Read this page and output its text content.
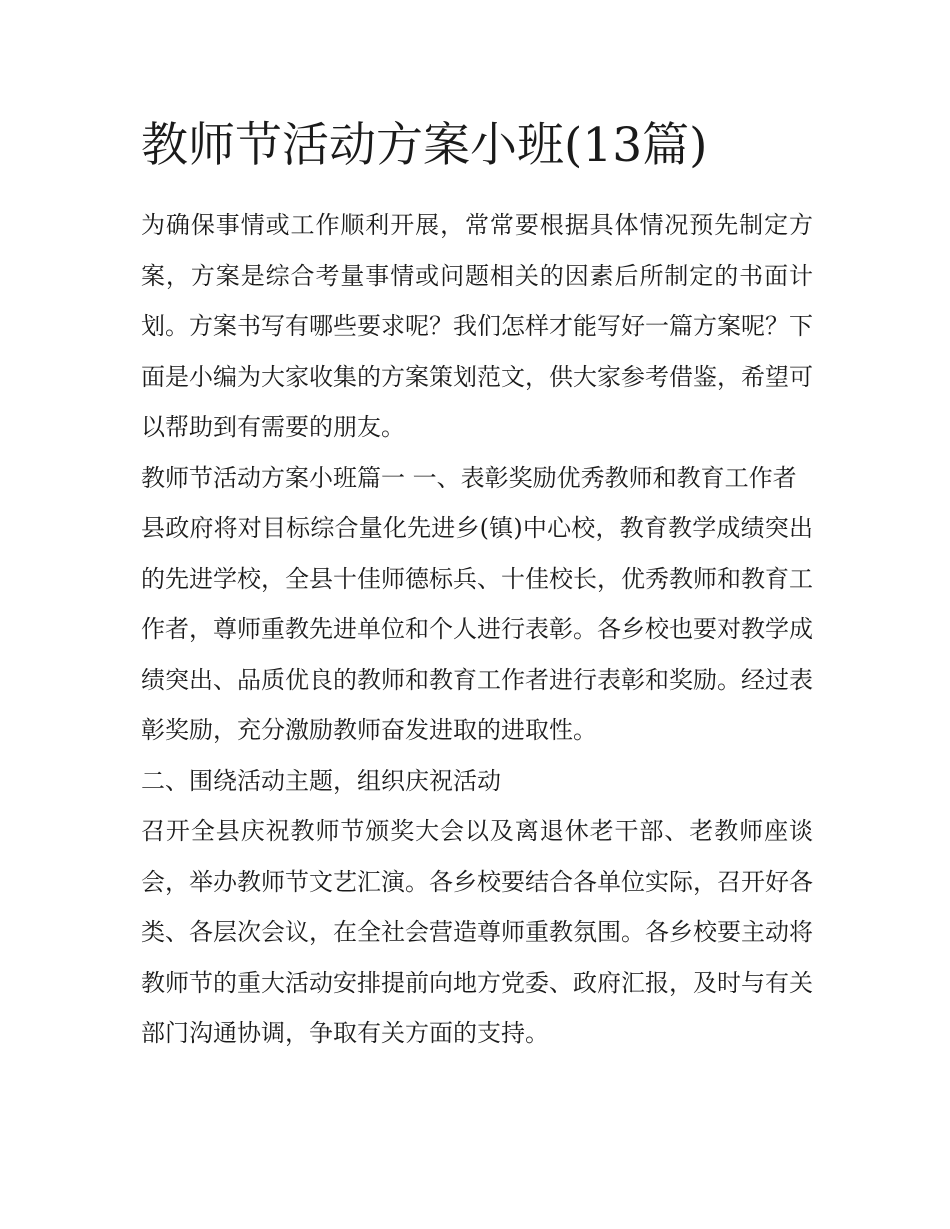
教师节活动方案小班(13篇)

为确保事情或工作顺利开展，常常要根据具体情况预先制定方案，方案是综合考量事情或问题相关的因素后所制定的书面计划。方案书写有哪些要求呢？我们怎样才能写好一篇方案呢？下面是小编为大家收集的方案策划范文，供大家参考借鉴，希望可以帮助到有需要的朋友。

教师节活动方案小班篇一 一、表彰奖励优秀教师和教育工作者

县政府将对目标综合量化先进乡(镇)中心校，教育教学成绩突出的先进学校，全县十佳师德标兵、十佳校长，优秀教师和教育工作者，尊师重教先进单位和个人进行表彰。各乡校也要对教学成绩突出、品质优良的教师和教育工作者进行表彰和奖励。经过表彰奖励，充分激励教师奋发进取的进取性。

二、围绕活动主题，组织庆祝活动

召开全县庆祝教师节颁奖大会以及离退休老干部、老教师座谈会，举办教师节文艺汇演。各乡校要结合各单位实际，召开好各类、各层次会议，在全社会营造尊师重教氛围。各乡校要主动将教师节的重大活动安排提前向地方党委、政府汇报，及时与有关部门沟通协调，争取有关方面的支持。
